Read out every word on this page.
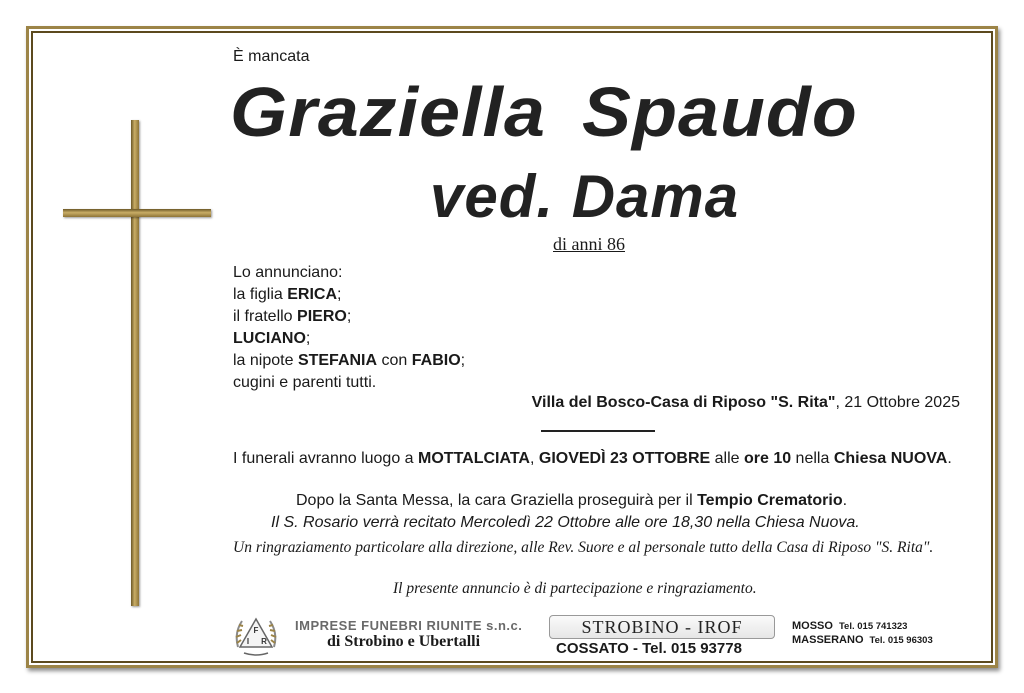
È mancata
Graziella Spaudo
ved. Dama
di anni 86
Lo annunciano:
la figlia ERICA;
il fratello PIERO;
LUCIANO;
la nipote STEFANIA con FABIO;
cugini e parenti tutti.
Villa del Bosco-Casa di Riposo "S. Rita", 21 Ottobre 2025
I funerali avranno luogo a MOTTALCIATA, GIOVEDÌ 23 OTTOBRE alle ore 10 nella Chiesa NUOVA.
Dopo la Santa Messa, la cara Graziella proseguirà per il Tempio Crematorio.
Il S. Rosario verrà recitato Mercoledì 22 Ottobre alle ore 18,30 nella Chiesa Nuova.
Un ringraziamento particolare alla direzione, alle Rev. Suore e al personale tutto della Casa di Riposo "S. Rita".
Il presente annuncio è di partecipazione e ringraziamento.
F
I R
IMPRESE FUNEBRI RIUNITE s.n.c.
di Strobino e Ubertalli
STROBINO - IROF
COSSATO - Tel. 015 93778
MOSSO Tel. 015 741323
MASSERANO Tel. 015 96303
